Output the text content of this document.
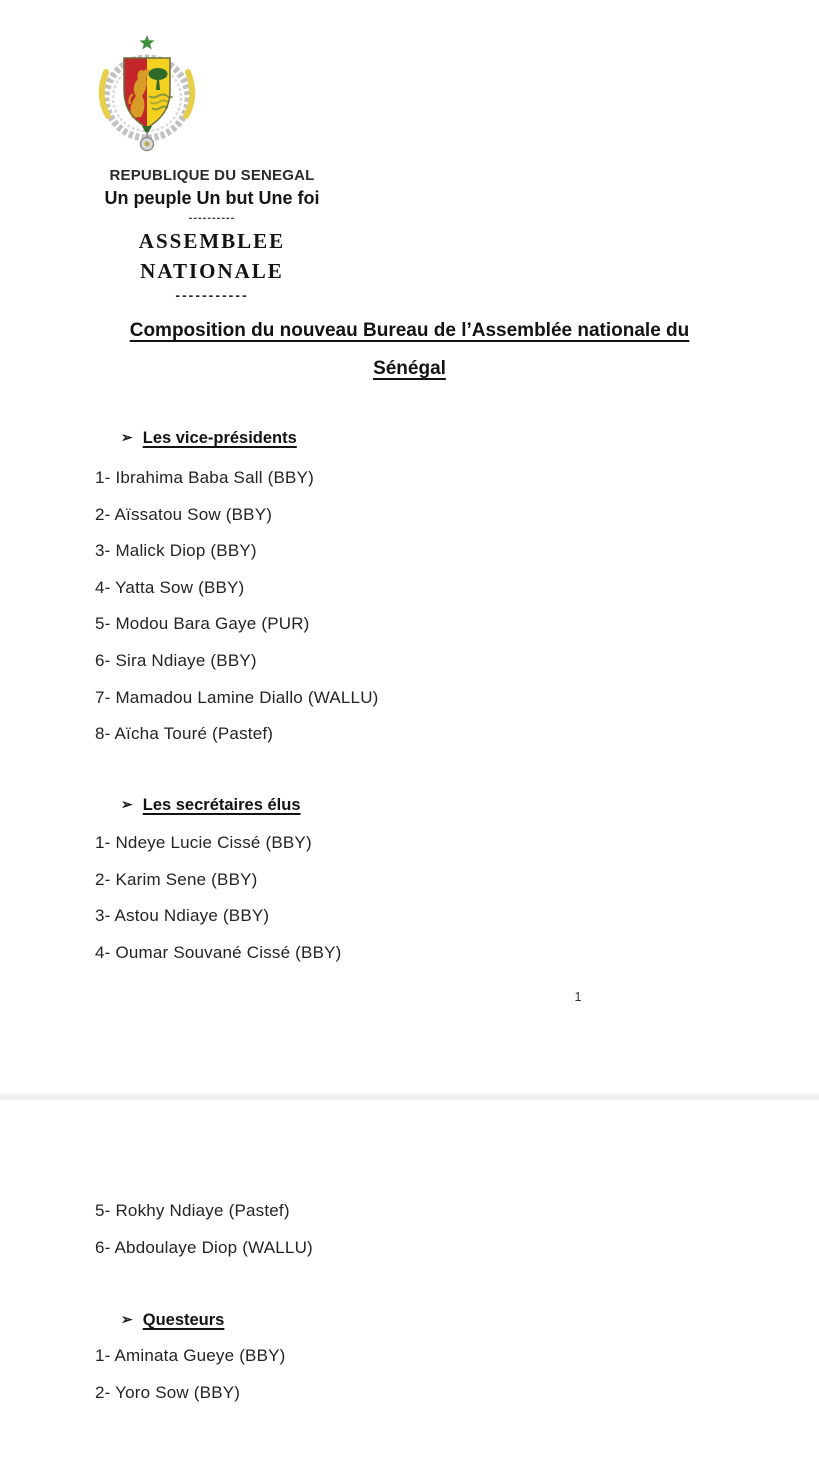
REPUBLIQUE DU SENEGAL
Un peuple Un but Une foi
----------
ASSEMBLEE NATIONALE
-----------
Composition du nouveau Bureau de l’Assemblée nationale du
Sénégal
➢ Les vice-présidents
1- Ibrahima Baba Sall (BBY)
2- Aïssatou Sow (BBY)
3- Malick Diop (BBY)
4- Yatta Sow (BBY)
5- Modou Bara Gaye (PUR)
6- Sira Ndiaye (BBY)
7- Mamadou Lamine Diallo (WALLU)
8- Aïcha Touré (Pastef)
➢ Les secrétaires élus
1- Ndeye Lucie Cissé (BBY)
2- Karim Sene (BBY)
3- Astou Ndiaye (BBY)
4- Oumar Souvané Cissé (BBY)
1
5- Rokhy Ndiaye (Pastef)
6- Abdoulaye Diop (WALLU)
➢ Questeurs
1- Aminata Gueye (BBY)
2- Yoro Sow (BBY)
